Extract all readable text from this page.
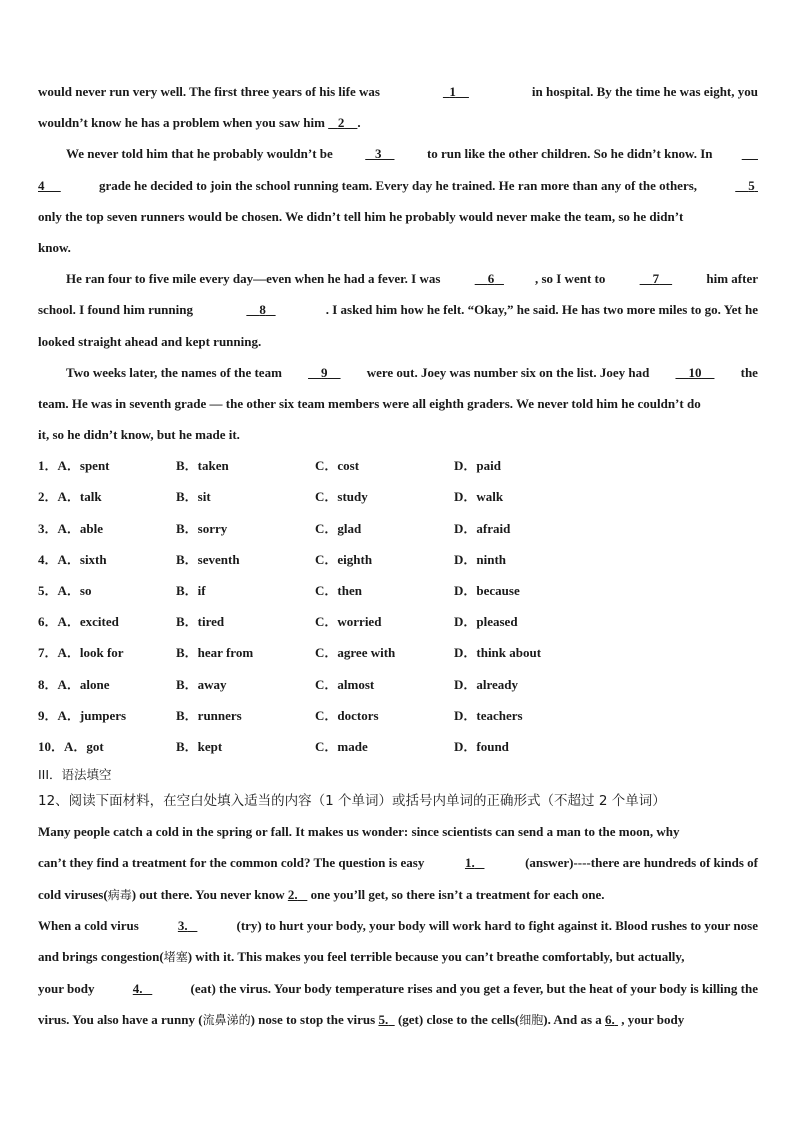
would never run very well. The first three years of his life was	1	in hospital. By the time he was eight, you
wouldn’t know he has a problem when you saw him    2 .
We never told him that he probably wouldn’t be	3	to run like the other children. So he didn’t know. In

4	grade he decided to join the school running team. Every day he trained. He ran more than any of the others,	5
only the top seven runners would be chosen. We didn’t tell him he probably would never make the team, so he didn’t
know.
He ran four to five mile every day—even when he had a fever. I was	6	, so I went to	7	him after
school. I found him running	8	. I asked him how he felt. “Okay,” he said. He has two more miles to go. Yet he
looked straight ahead and kept running.
Two weeks later, the names of the team	9	were out. Joey was number six on the list. Joey had	10	the
team. He was in seventh grade — the other six team members were all eighth graders. We never told him he couldn’t do
it, so he didn’t know, but he made it.
1．A．spent	B．taken	C．cost	D．paid
2．A．talk	B．sit	C．study	D．walk
3．A．able	B．sorry	C．glad	D．afraid
4．A．sixth	B．seventh	C．eighth	D．ninth
5．A．so	B．if	C．then	D．because
6．A．excited	B．tired	C．worried	D．pleased
7．A．look for	B．hear from	C．agree with	D．think about
8．A．alone	B．away	C．almost	D．already
9．A．jumpers	B．runners	C．doctors	D．teachers
10．A．got	B．kept	C．made	D．found
III．语法填空
12、阅读下面材料，在空白处填入适当的内容（1 个单词）或括号内单词的正确形式（不超过 2 个单词）
Many people catch a cold in the spring or fall. It makes us wonder: since scientists can send a man to the moon, why
can’t they find a treatment for the common cold? The question is easy	1.	(answer)----there are hundreds of kinds of
cold viruses(病毒) out there. You never know 2.    one you’ll get, so there isn’t a treatment for each one.
When a cold virus	3.	(try) to hurt your body, your body will work hard to fight against it. Blood rushes to your nose
and brings congestion(堵塞) with it. This makes you feel terrible because you can’t breathe comfortably, but actually,
your body	4.	(eat) the virus. Your body temperature rises and you get a fever, but the heat of your body is killing the
virus. You also have a runny (流鼻涕的) nose to stop the virus 5.   (get) close to the cells(细胞). And as a 6.  , your body
